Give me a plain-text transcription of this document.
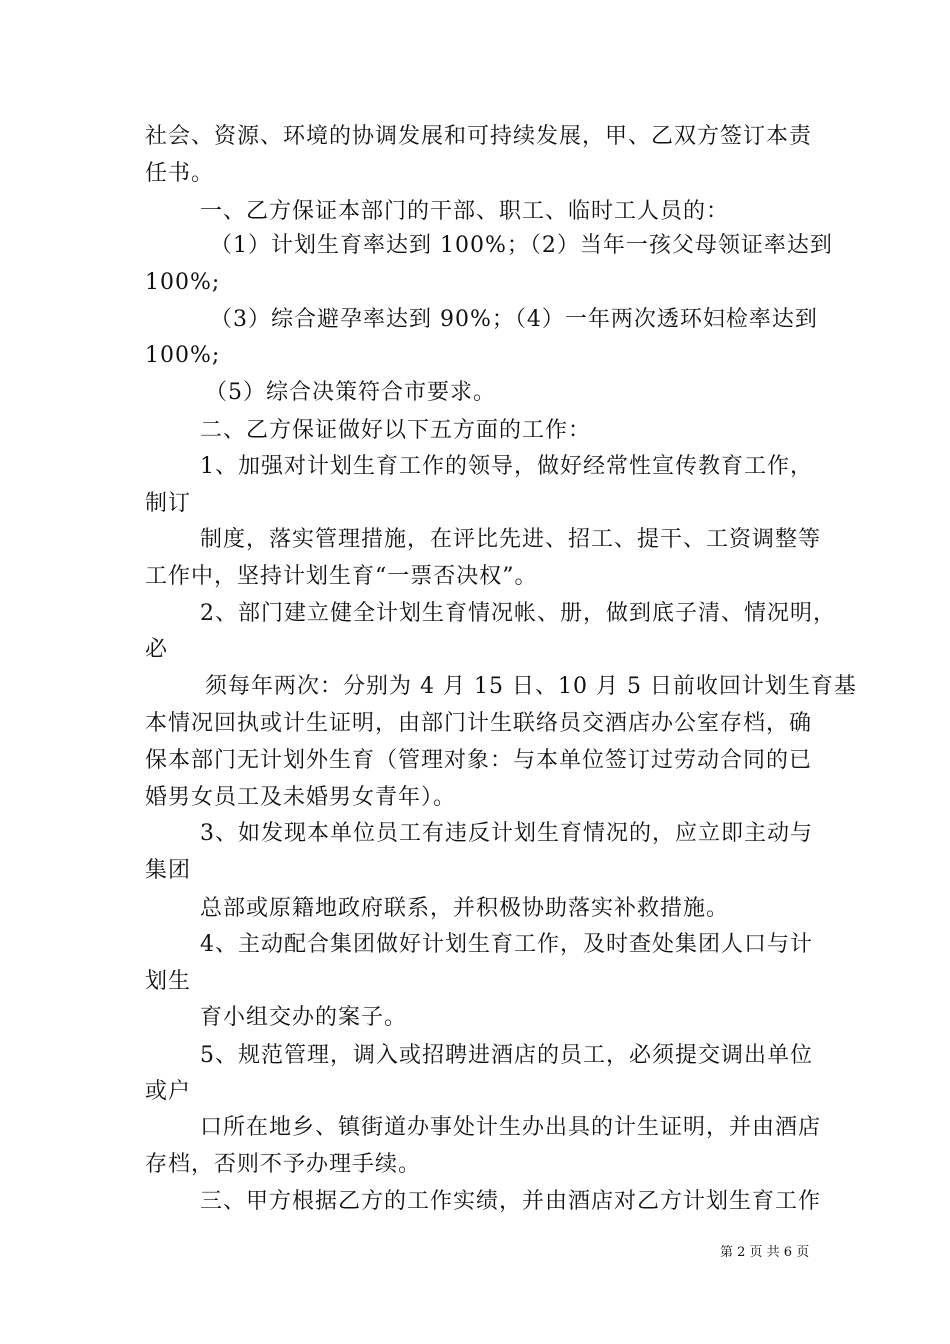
社会、资源、环境的协调发展和可持续发展，甲、乙双方签订本责
任书。
一、乙方保证本部门的干部、职工、临时工人员的：
（1）计划生育率达到 100%；（2）当年一孩父母领证率达到
100%;
（3）综合避孕率达到 90%；（4）一年两次透环妇检率达到
100%;
（5）综合决策符合市要求。
二、乙方保证做好以下五方面的工作：
1、加强对计划生育工作的领导，做好经常性宣传教育工作，
制订
制度，落实管理措施，在评比先进、招工、提干、工资调整等
工作中，坚持计划生育“一票否决权”。
2、部门建立健全计划生育情况帐、册，做到底子清、情况明，
必
须每年两次：分别为 4 月 15 日、10 月 5 日前收回计划生育基
本情况回执或计生证明，由部门计生联络员交酒店办公室存档，确
保本部门无计划外生育（管理对象：与本单位签订过劳动合同的已
婚男女员工及未婚男女青年）。
3、如发现本单位员工有违反计划生育情况的，应立即主动与
集团
总部或原籍地政府联系，并积极协助落实补救措施。
4、主动配合集团做好计划生育工作，及时查处集团人口与计
划生
育小组交办的案子。
5、规范管理，调入或招聘进酒店的员工，必须提交调出单位
或户
口所在地乡、镇街道办事处计生办出具的计生证明，并由酒店
存档，否则不予办理手续。
三、甲方根据乙方的工作实绩，并由酒店对乙方计划生育工作
第 2 页 共 6 页
